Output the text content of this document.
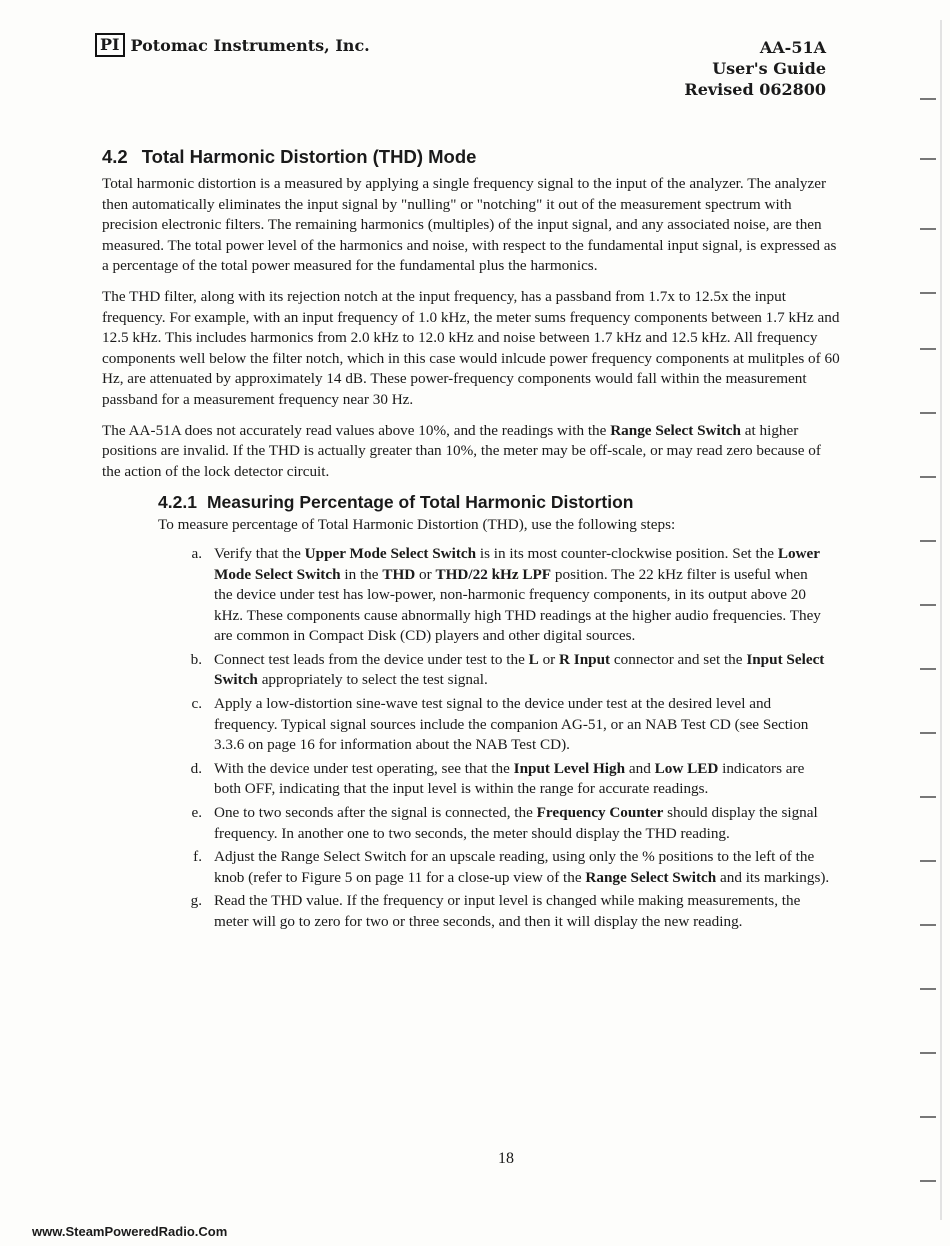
PI Potomac Instruments, Inc.	AA-51A
User's Guide
Revised 062800
4.2 Total Harmonic Distortion (THD) Mode

Total harmonic distortion is a measured by applying a single frequency signal to the input of the analyzer. The analyzer then automatically eliminates the input signal by "nulling" or "notching" it out of the measurement spectrum with precision electronic filters. The remaining harmonics (multiples) of the input signal, and any associated noise, are then measured. The total power level of the harmonics and noise, with respect to the fundamental input signal, is expressed as a percentage of the total power measured for the fundamental plus the harmonics.

The THD filter, along with its rejection notch at the input frequency, has a passband from 1.7x to 12.5x the input frequency. For example, with an input frequency of 1.0 kHz, the meter sums frequency components between 1.7 kHz and 12.5 kHz. This includes harmonics from 2.0 kHz to 12.0 kHz and noise between 1.7 kHz and 12.5 kHz. All frequency components well below the filter notch, which in this case would inlcude power frequency components at mulitples of 60 Hz, are attenuated by approximately 14 dB. These power-frequency components would fall within the measurement passband for a measurement frequency near 30 Hz.

The AA-51A does not accurately read values above 10%, and the readings with the Range Select Switch at higher positions are invalid. If the THD is actually greater than 10%, the meter may be off-scale, or may read zero because of the action of the lock detector circuit.

4.2.1 Measuring Percentage of Total Harmonic Distortion

To measure percentage of Total Harmonic Distortion (THD), use the following steps:

a. Verify that the Upper Mode Select Switch is in its most counter-clockwise position. Set the Lower Mode Select Switch in the THD or THD/22 kHz LPF position. The 22 kHz filter is useful when the device under test has low-power, non-harmonic frequency components, in its output above 20 kHz. These components cause abnormally high THD readings at the higher audio frequencies. They are common in Compact Disk (CD) players and other digital sources.
b. Connect test leads from the device under test to the L or R Input connector and set the Input Select Switch appropriately to select the test signal.
c. Apply a low-distortion sine-wave test signal to the device under test at the desired level and frequency. Typical signal sources include the companion AG-51, or an NAB Test CD (see Section 3.3.6 on page 16 for information about the NAB Test CD).
d. With the device under test operating, see that the Input Level High and Low LED indicators are both OFF, indicating that the input level is within the range for accurate readings.
e. One to two seconds after the signal is connected, the Frequency Counter should display the signal frequency. In another one to two seconds, the meter should display the THD reading.
f. Adjust the Range Select Switch for an upscale reading, using only the % positions to the left of the knob (refer to Figure 5 on page 11 for a close-up view of the Range Select Switch and its markings).
g. Read the THD value. If the frequency or input level is changed while making measurements, the meter will go to zero for two or three seconds, and then it will display the new reading.
18
www.SteamPoweredRadio.Com
